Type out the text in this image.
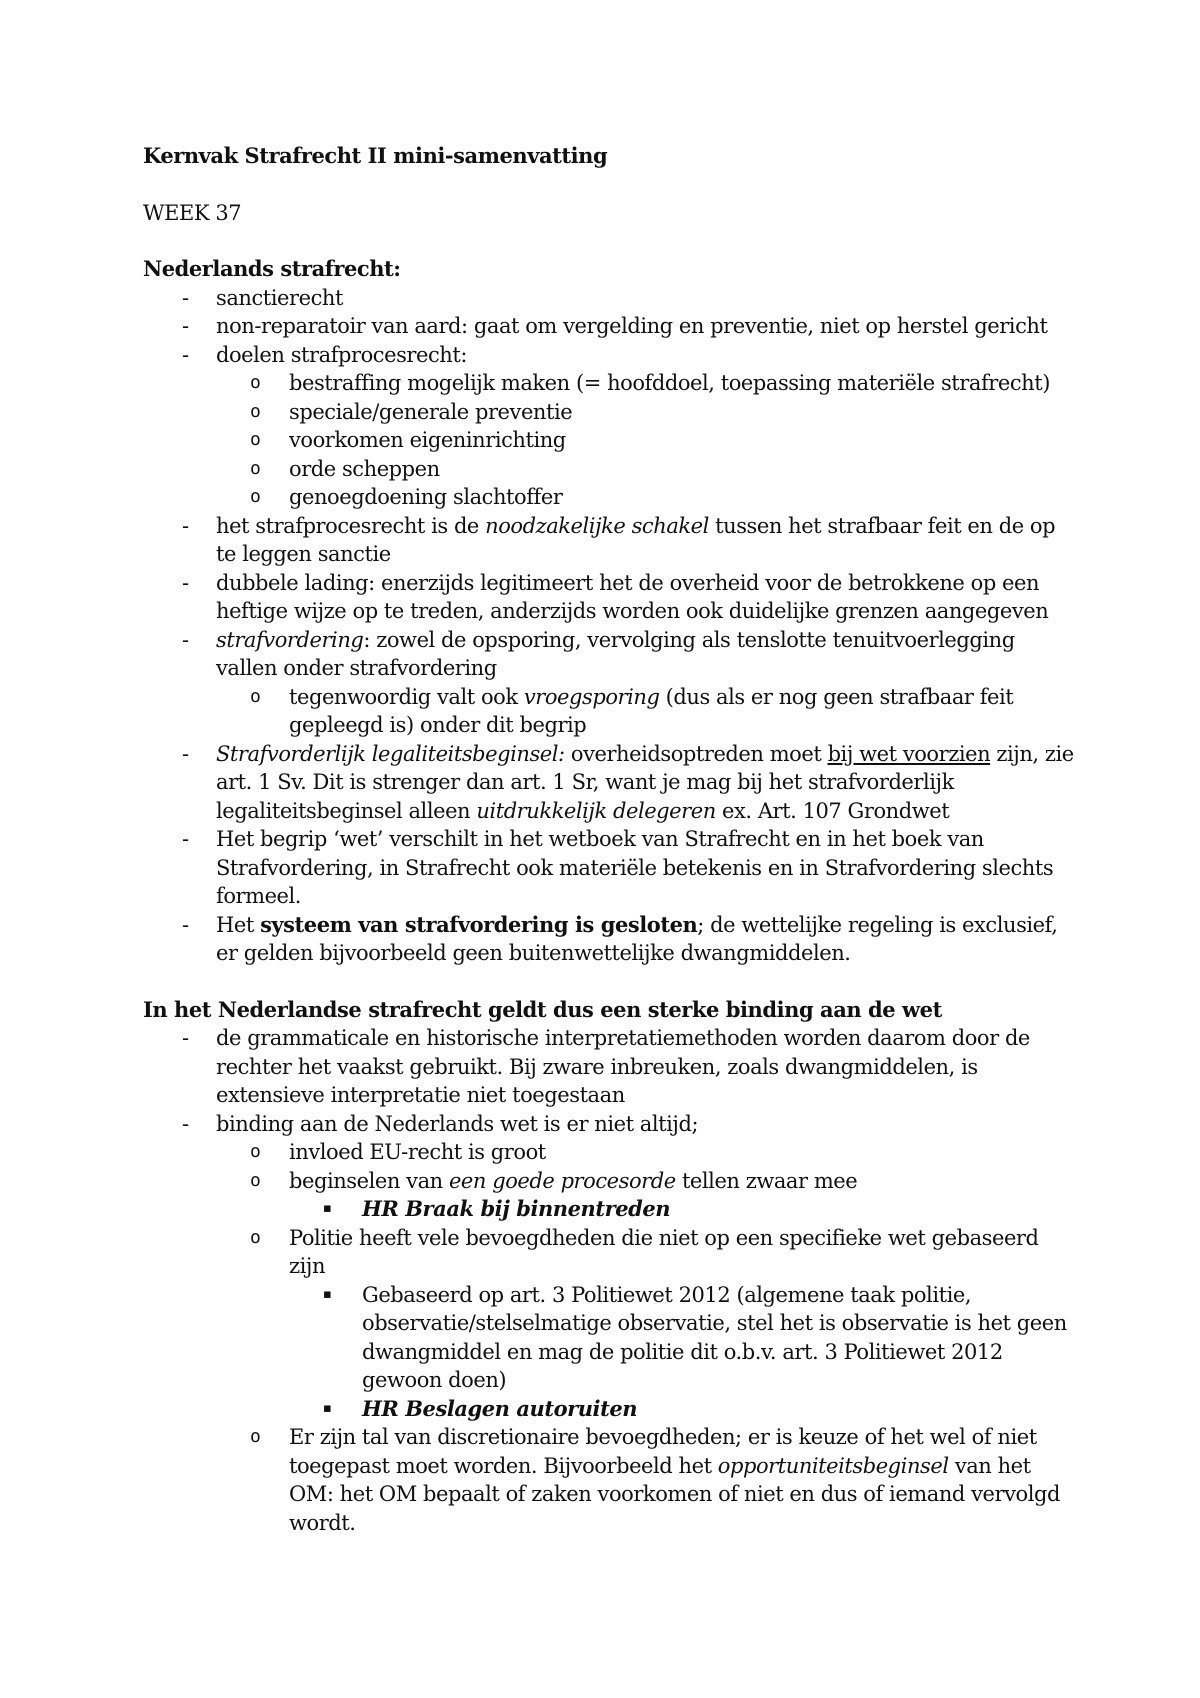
Kernvak Strafrecht II mini-samenvatting

WEEK 37

Nederlands strafrecht:

- sanctierecht
- non-reparatoir van aard: gaat om vergelding en preventie, niet op herstel gericht
- doelen strafprocesrecht:
o bestraffing mogelijk maken (= hoofddoel, toepassing materiële strafrecht)
o speciale/generale preventie
o voorkomen eigeninrichting
o orde scheppen
o genoegdoening slachtoffer
- het strafprocesrecht is de noodzakelijke schakel tussen het strafbaar feit en de op te leggen sanctie
- dubbele lading: enerzijds legitimeert het de overheid voor de betrokkene op een heftige wijze op te treden, anderzijds worden ook duidelijke grenzen aangegeven
- strafvordering: zowel de opsporing, vervolging als tenslotte tenuitvoerlegging vallen onder strafvordering
o tegenwoordig valt ook vroegsporing (dus als er nog geen strafbaar feit gepleegd is) onder dit begrip
- Strafvorderlijk legaliteitsbeginsel: overheidsoptreden moet bij wet voorzien zijn, zie art. 1 Sv. Dit is strenger dan art. 1 Sr, want je mag bij het strafvorderlijk legaliteitsbeginsel alleen uitdrukkelijk delegeren ex. Art. 107 Grondwet
- Het begrip ‘wet’ verschilt in het wetboek van Strafrecht en in het boek van Strafvordering, in Strafrecht ook materiële betekenis en in Strafvordering slechts formeel.
- Het systeem van strafvordering is gesloten; de wettelijke regeling is exclusief, er gelden bijvoorbeeld geen buitenwettelijke dwangmiddelen.

In het Nederlandse strafrecht geldt dus een sterke binding aan de wet

- de grammaticale en historische interpretatiemethoden worden daarom door de rechter het vaakst gebruikt. Bij zware inbreuken, zoals dwangmiddelen, is extensieve interpretatie niet toegestaan
- binding aan de Nederlands wet is er niet altijd;
o invloed EU-recht is groot
o beginselen van een goede procesorde tellen zwaar mee
▪ HR Braak bij binnentreden
o Politie heeft vele bevoegdheden die niet op een specifieke wet gebaseerd zijn
▪ Gebaseerd op art. 3 Politiewet 2012 (algemene taak politie, observatie/stelselmatige observatie, stel het is observatie is het geen dwangmiddel en mag de politie dit o.b.v. art. 3 Politiewet 2012 gewoon doen)
▪ HR Beslagen autoruiten
o Er zijn tal van discretionaire bevoegdheden; er is keuze of het wel of niet toegepast moet worden. Bijvoorbeeld het opportuniteitsbeginsel van het OM: het OM bepaalt of zaken voorkomen of niet en dus of iemand vervolgd wordt.
